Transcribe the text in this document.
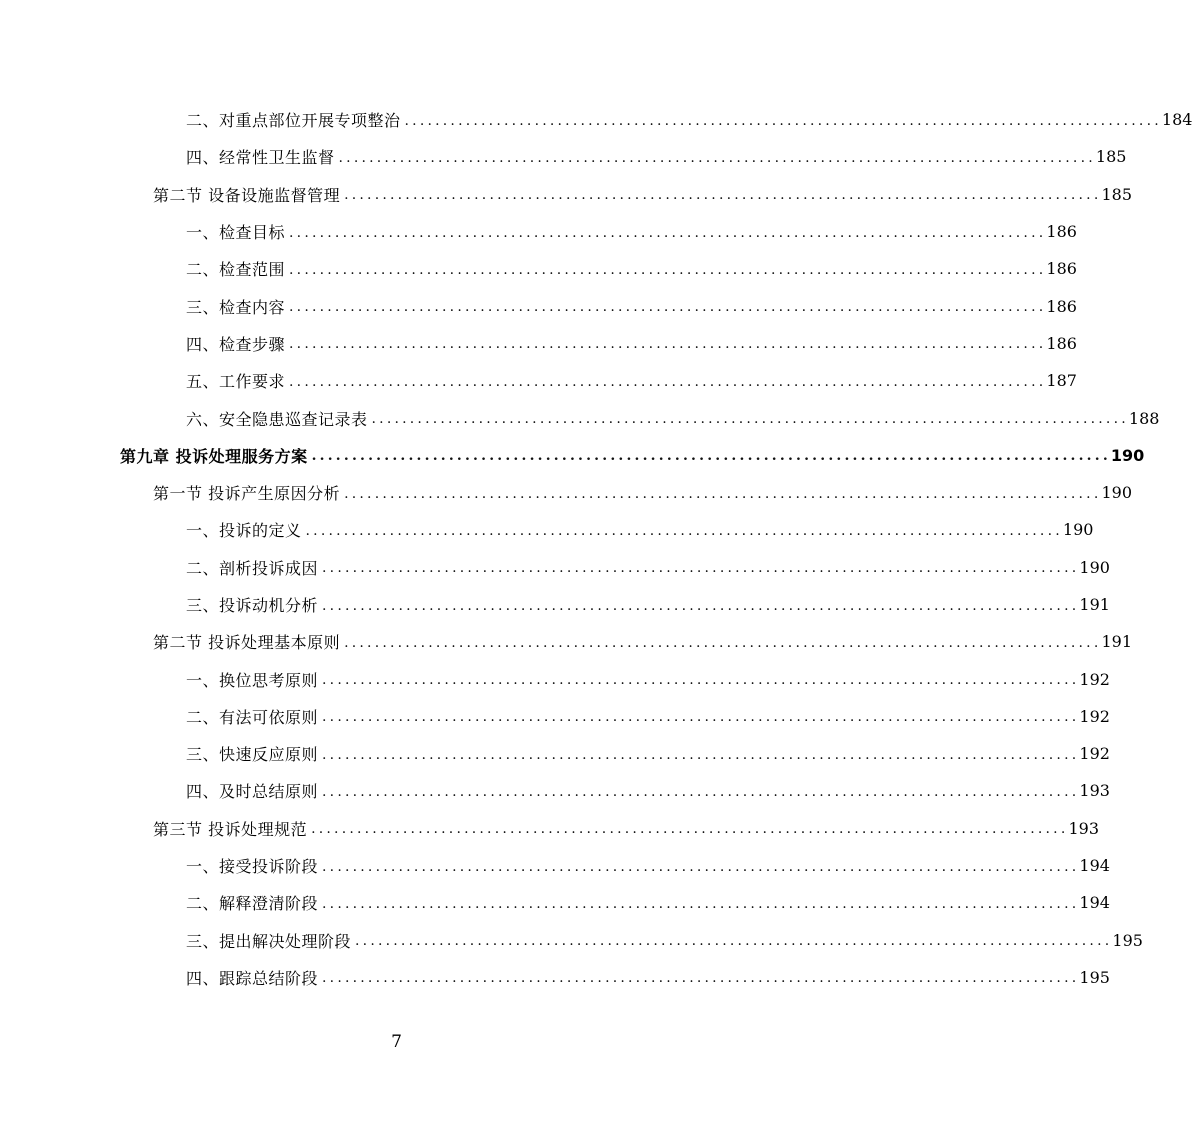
二、对重点部位开展专项整治 ................................................................................................... 184
四、经常性卫生监督 ................................................................................................... 185
第二节 设备设施监督管理 ................................................................................................... 185
一、检查目标 ................................................................................................... 186
二、检查范围 ................................................................................................... 186
三、检查内容 ................................................................................................... 186
四、检查步骤 ................................................................................................... 186
五、工作要求 ................................................................................................... 187
六、安全隐患巡查记录表 ................................................................................................... 188
第九章 投诉处理服务方案 ................................................................................................... 190
第一节 投诉产生原因分析 ................................................................................................... 190
一、投诉的定义 ................................................................................................... 190
二、剖析投诉成因 ................................................................................................... 190
三、投诉动机分析 ................................................................................................... 191
第二节 投诉处理基本原则 ................................................................................................... 191
一、换位思考原则 ................................................................................................... 192
二、有法可依原则 ................................................................................................... 192
三、快速反应原则 ................................................................................................... 192
四、及时总结原则 ................................................................................................... 193
第三节 投诉处理规范 ................................................................................................... 193
一、接受投诉阶段 ................................................................................................... 194
二、解释澄清阶段 ................................................................................................... 194
三、提出解决处理阶段 ................................................................................................... 195
四、跟踪总结阶段 ................................................................................................... 195
7
